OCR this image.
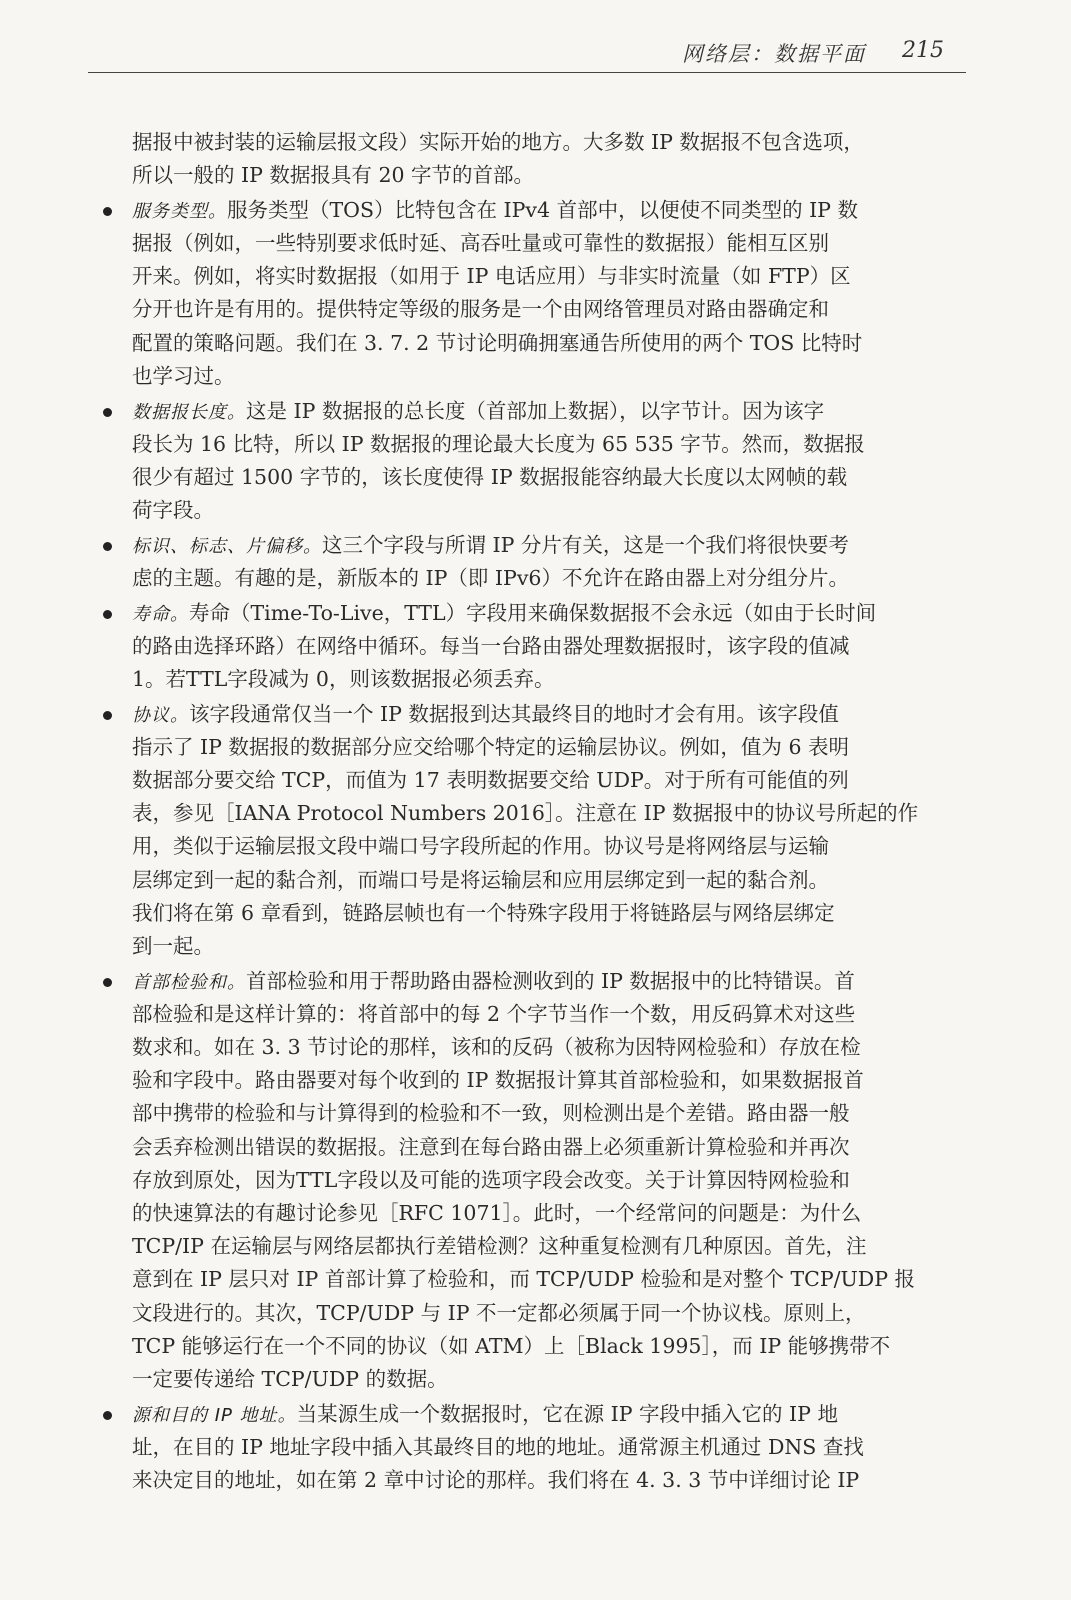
网络层：数据平面 215
据报中被封装的运输层报文段）实际开始的地方。大多数 IP 数据报不包含选项，
所以一般的 IP 数据报具有 20 字节的首部。
服务类型。服务类型（TOS）比特包含在 IPv4 首部中，以便使不同类型的 IP 数
据报（例如，一些特别要求低时延、高吞吐量或可靠性的数据报）能相互区别
开来。例如，将实时数据报（如用于 IP 电话应用）与非实时流量（如 FTP）区
分开也许是有用的。提供特定等级的服务是一个由网络管理员对路由器确定和
配置的策略问题。我们在 3. 7. 2 节讨论明确拥塞通告所使用的两个 TOS 比特时
也学习过。
数据报长度。这是 IP 数据报的总长度（首部加上数据），以字节计。因为该字
段长为 16 比特，所以 IP 数据报的理论最大长度为 65 535 字节。然而，数据报
很少有超过 1500 字节的，该长度使得 IP 数据报能容纳最大长度以太网帧的载
荷字段。
标识、标志、片偏移。这三个字段与所谓 IP 分片有关，这是一个我们将很快要考
虑的主题。有趣的是，新版本的 IP（即 IPv6）不允许在路由器上对分组分片。
寿命。寿命（Time-To-Live，TTL）字段用来确保数据报不会永远（如由于长时间
的路由选择环路）在网络中循环。每当一台路由器处理数据报时，该字段的值减
1。若TTL字段减为 0，则该数据报必须丢弃。
协议。该字段通常仅当一个 IP 数据报到达其最终目的地时才会有用。该字段值
指示了 IP 数据报的数据部分应交给哪个特定的运输层协议。例如，值为 6 表明
数据部分要交给 TCP，而值为 17 表明数据要交给 UDP。对于所有可能值的列
表，参见［IANA Protocol Numbers 2016］。注意在 IP 数据报中的协议号所起的作
用，类似于运输层报文段中端口号字段所起的作用。协议号是将网络层与运输
层绑定到一起的黏合剂，而端口号是将运输层和应用层绑定到一起的黏合剂。
我们将在第 6 章看到，链路层帧也有一个特殊字段用于将链路层与网络层绑定
到一起。
首部检验和。首部检验和用于帮助路由器检测收到的 IP 数据报中的比特错误。首
部检验和是这样计算的：将首部中的每 2 个字节当作一个数，用反码算术对这些
数求和。如在 3. 3 节讨论的那样，该和的反码（被称为因特网检验和）存放在检
验和字段中。路由器要对每个收到的 IP 数据报计算其首部检验和，如果数据报首
部中携带的检验和与计算得到的检验和不一致，则检测出是个差错。路由器一般
会丢弃检测出错误的数据报。注意到在每台路由器上必须重新计算检验和并再次
存放到原处，因为TTL字段以及可能的选项字段会改变。关于计算因特网检验和
的快速算法的有趣讨论参见［RFC 1071］。此时，一个经常问的问题是：为什么
TCP/IP 在运输层与网络层都执行差错检测？这种重复检测有几种原因。首先，注
意到在 IP 层只对 IP 首部计算了检验和，而 TCP/UDP 检验和是对整个 TCP/UDP 报
文段进行的。其次，TCP/UDP 与 IP 不一定都必须属于同一个协议栈。原则上，
TCP 能够运行在一个不同的协议（如 ATM）上［Black 1995］，而 IP 能够携带不
一定要传递给 TCP/UDP 的数据。
源和目的 IP 地址。当某源生成一个数据报时，它在源 IP 字段中插入它的 IP 地
址，在目的 IP 地址字段中插入其最终目的地的地址。通常源主机通过 DNS 查找
来决定目的地址，如在第 2 章中讨论的那样。我们将在 4. 3. 3 节中详细讨论 IP
